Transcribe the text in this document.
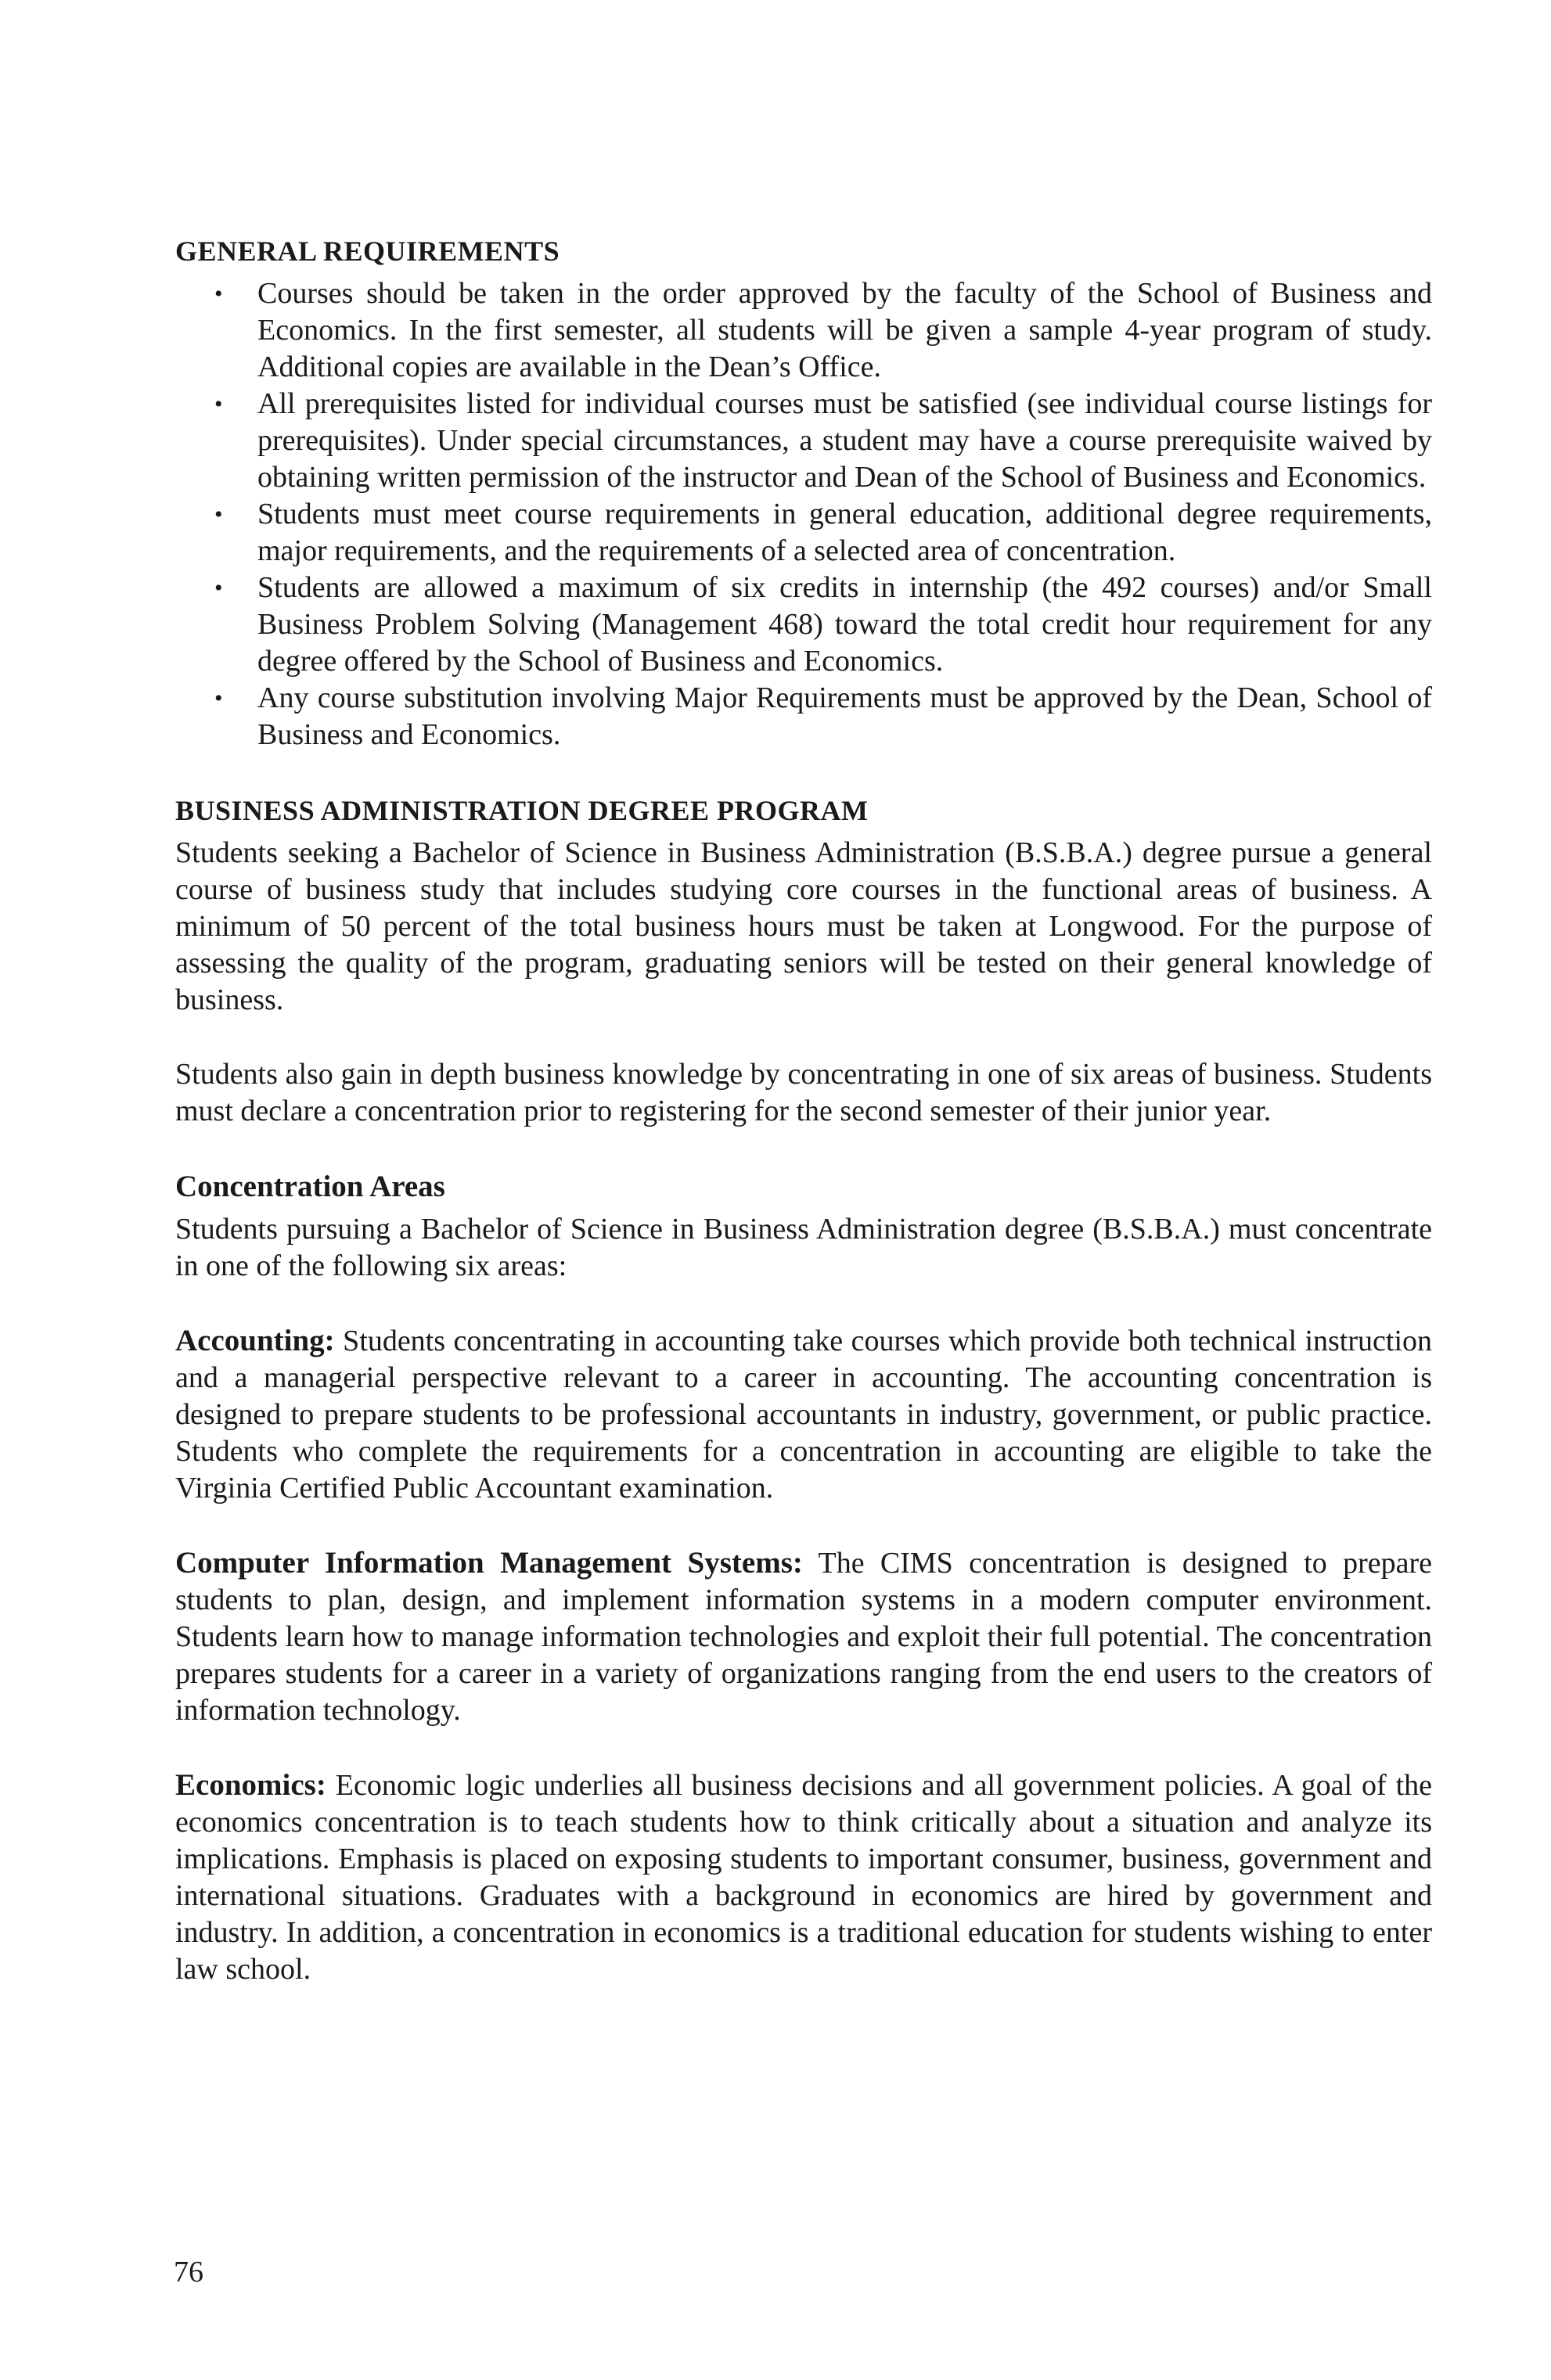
GENERAL REQUIREMENTS
• Courses should be taken in the order approved by the faculty of the School of Business and Economics. In the first semester, all students will be given a sample 4-year program of study. Additional copies are available in the Dean’s Office.
• All prerequisites listed for individual courses must be satisfied (see individual course listings for prerequisites). Under special circumstances, a student may have a course prerequisite waived by obtaining written permission of the instructor and Dean of the School of Business and Economics.
• Students must meet course requirements in general education, additional degree requirements, major requirements, and the requirements of a selected area of concentration.
• Students are allowed a maximum of six credits in internship (the 492 courses) and/or Small Business Problem Solving (Management 468) toward the total credit hour requirement for any degree offered by the School of Business and Economics.
• Any course substitution involving Major Requirements must be approved by the Dean, School of Business and Economics.
BUSINESS ADMINISTRATION DEGREE PROGRAM

Students seeking a Bachelor of Science in Business Administration (B.S.B.A.) degree pursue a general course of business study that includes studying core courses in the functional areas of business. A minimum of 50 percent of the total business hours must be taken at Longwood. For the purpose of assessing the quality of the program, graduating seniors will be tested on their general knowledge of business.

Students also gain in depth business knowledge by concentrating in one of six areas of business. Students must declare a concentration prior to registering for the second semester of their junior year.

Concentration Areas

Students pursuing a Bachelor of Science in Business Administration degree (B.S.B.A.) must concentrate in one of the following six areas:

Accounting: Students concentrating in accounting take courses which provide both technical instruction and a managerial perspective relevant to a career in accounting. The accounting concentration is designed to prepare students to be professional accountants in industry, government, or public practice. Students who complete the requirements for a concentration in accounting are eligible to take the Virginia Certified Public Accountant examination.

Computer Information Management Systems: The CIMS concentration is designed to prepare students to plan, design, and implement information systems in a modern computer environment. Students learn how to manage information technologies and exploit their full potential. The concentration prepares students for a career in a variety of organizations ranging from the end users to the creators of information technology.

Economics: Economic logic underlies all business decisions and all government policies. A goal of the economics concentration is to teach students how to think critically about a situation and analyze its implications. Emphasis is placed on exposing students to important consumer, business, government and international situations. Graduates with a background in economics are hired by government and industry. In addition, a concentration in economics is a traditional education for students wishing to enter law school.

76
